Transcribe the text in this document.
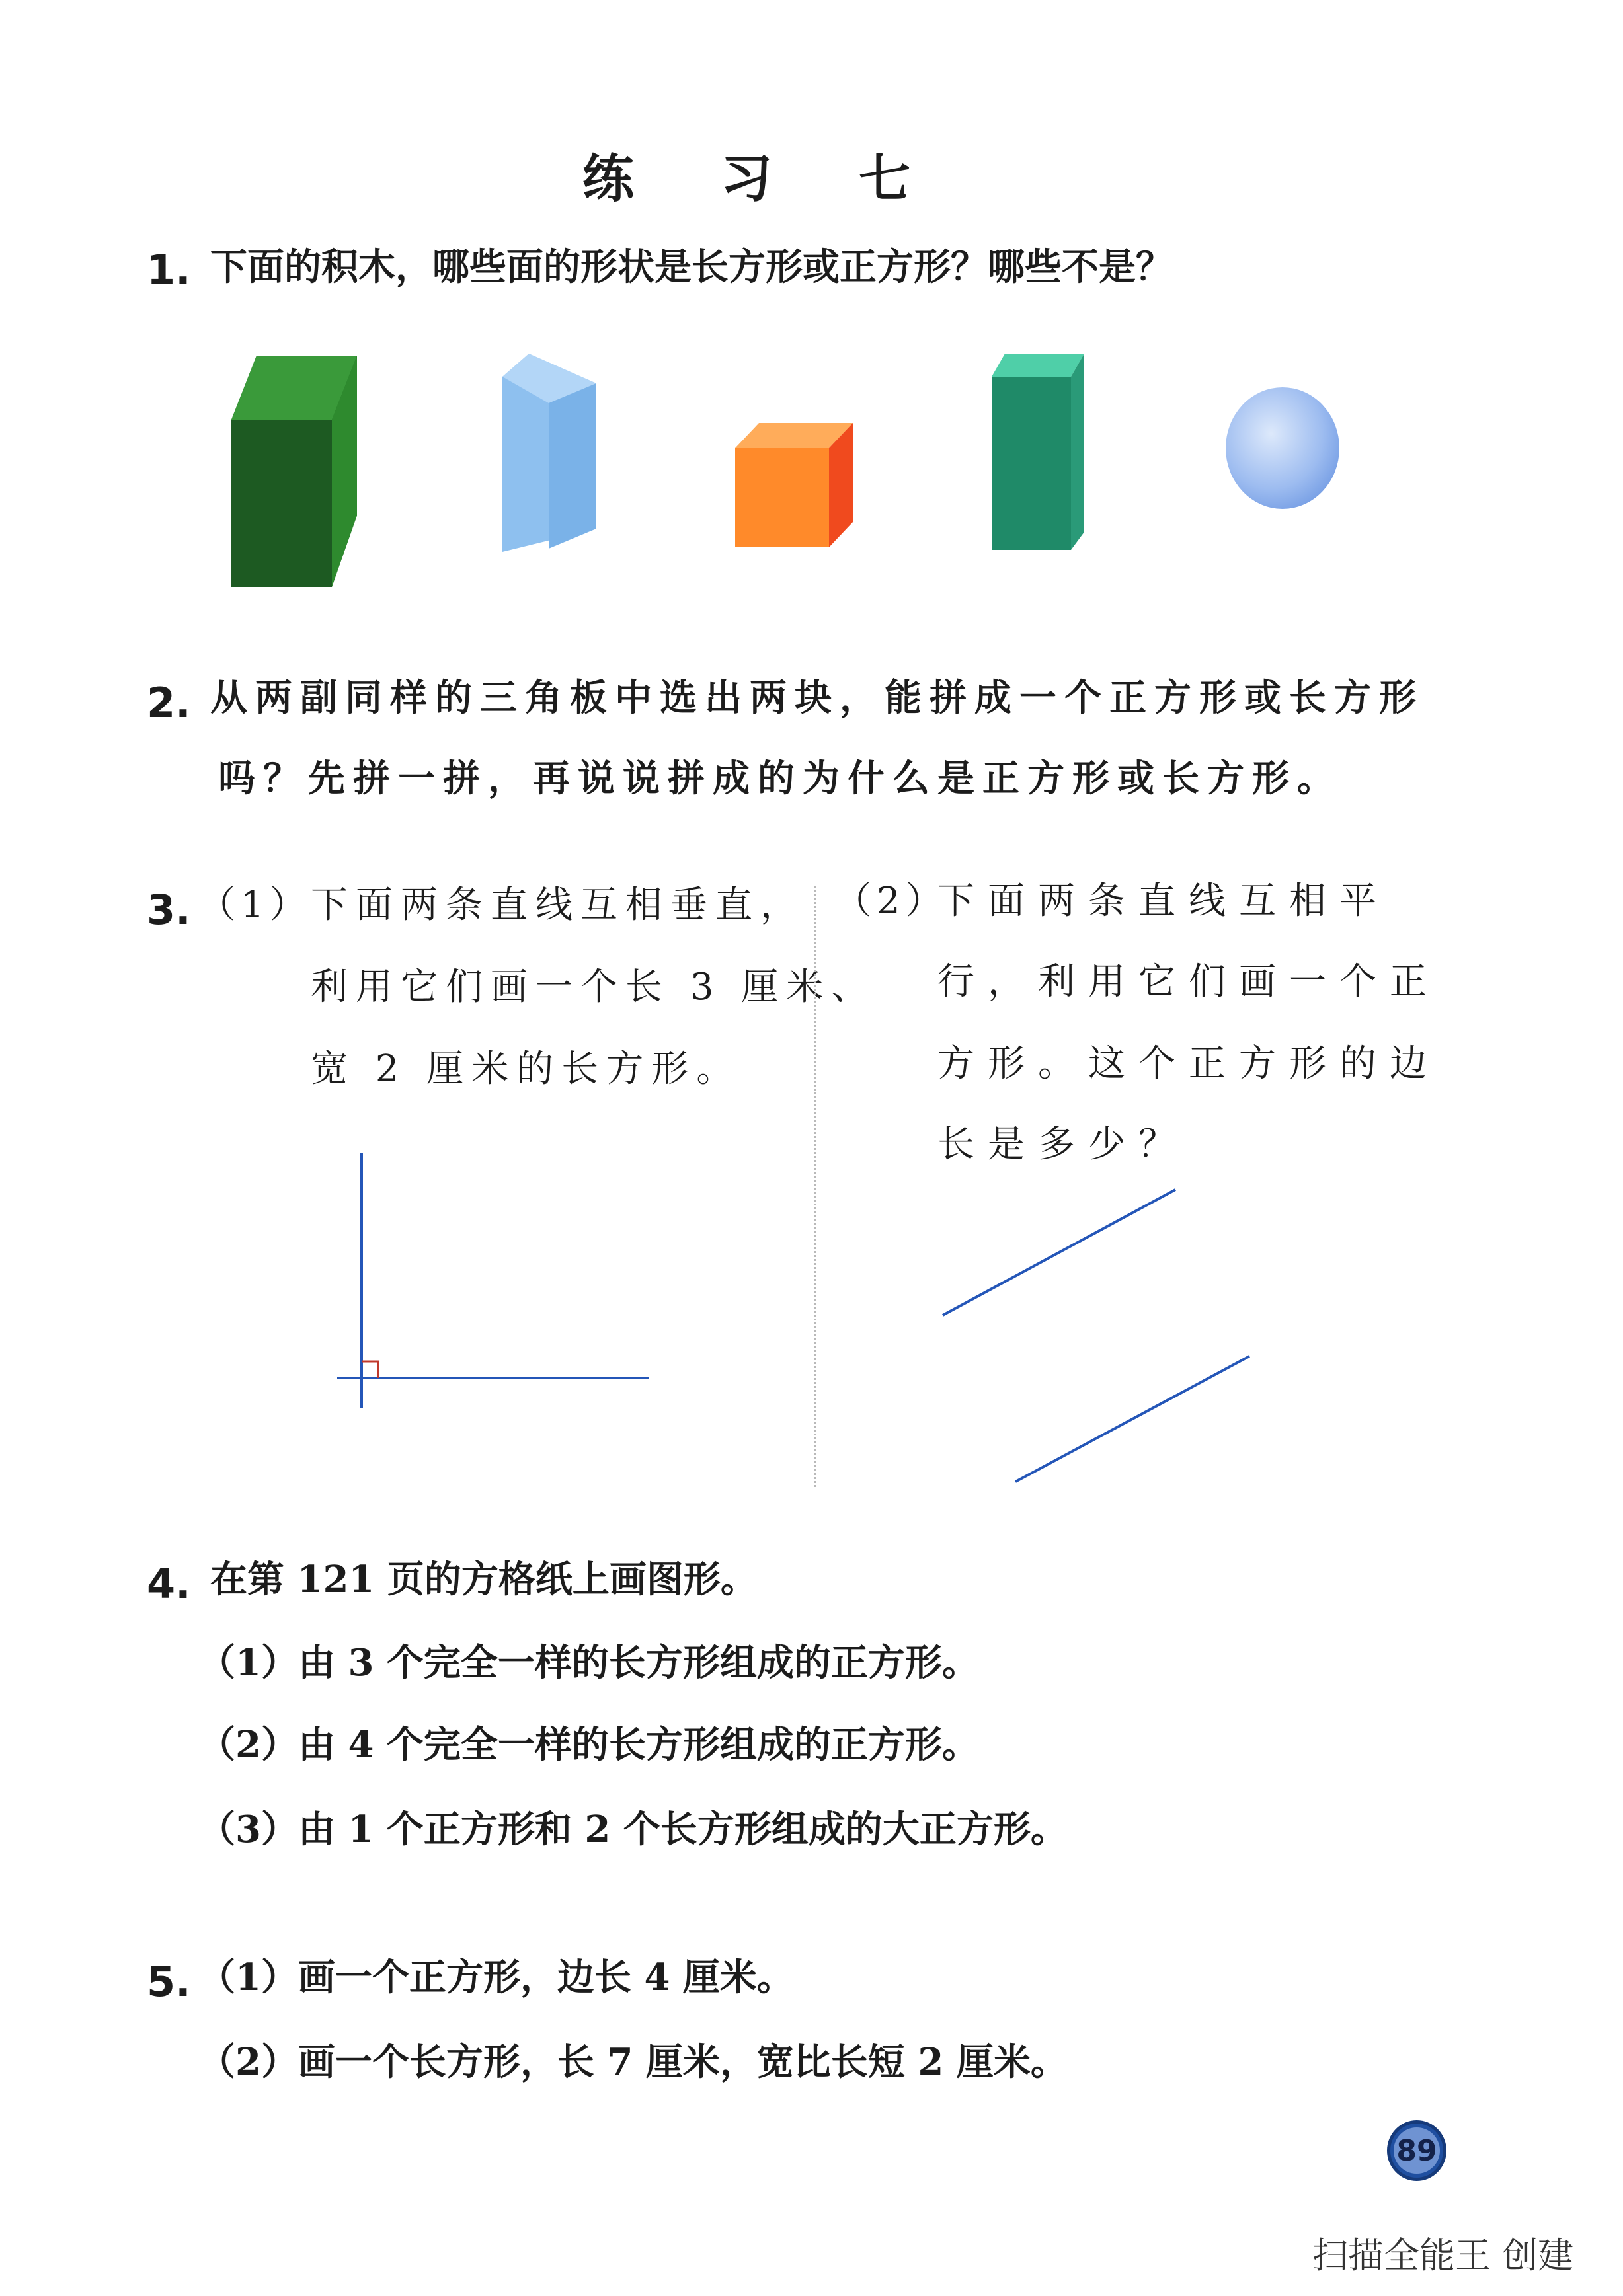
练 习 七
1. 下面的积木，哪些面的形状是长方形或正方形？哪些不是？
2. 从两副同样的三角板中选出两块，能拼成一个正方形或长方形
吗？先拼一拼，再说说拼成的为什么是正方形或长方形。
3. （1）
下面两条直线互相垂直，
利用它们画一个长 3 厘米、
宽 2 厘米的长方形。
（2）
下面两条直线互相平
行，利用它们画一个正
方形。这个正方形的边
长是多少？
4. 在第 121 页的方格纸上画图形。
（1）由 3 个完全一样的长方形组成的正方形。
（2）由 4 个完全一样的长方形组成的正方形。
（3）由 1 个正方形和 2 个长方形组成的大正方形。
5. （1）画一个正方形，边长 4 厘米。
（2）画一个长方形，长 7 厘米，宽比长短 2 厘米。
89
扫描全能王 创建
